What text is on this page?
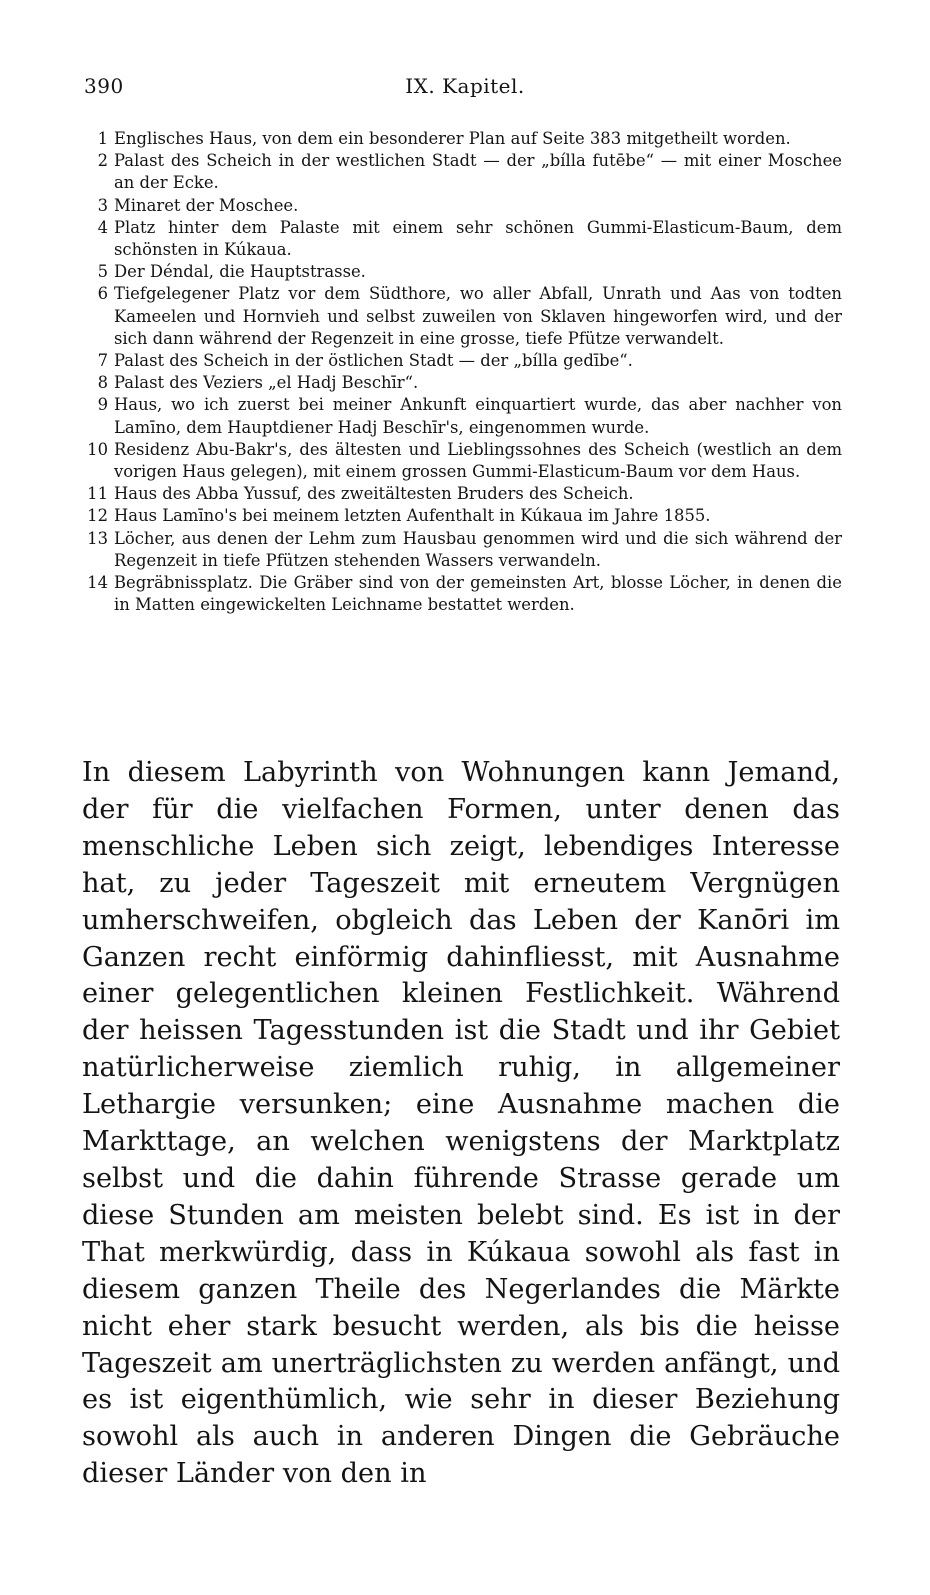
390	IX. Kapitel.
1 Englisches Haus, von dem ein besonderer Plan auf Seite 383 mitgetheilt worden.
2 Palast des Scheich in der westlichen Stadt — der „bílla futēbe“ — mit einer Moschee an der Ecke.
3 Minaret der Moschee.
4 Platz hinter dem Palaste mit einem sehr schönen Gummi-Elasticum-Baum, dem schönsten in Kúkaua.
5 Der Déndal, die Hauptstrasse.
6 Tiefgelegener Platz vor dem Südthore, wo aller Abfall, Unrath und Aas von todten Kameelen und Hornvieh und selbst zuweilen von Sklaven hingeworfen wird, und der sich dann während der Regenzeit in eine grosse, tiefe Pfütze verwandelt.
7 Palast des Scheich in der östlichen Stadt — der „bílla gedībe“.
8 Palast des Veziers „el Hadj Beschīr“.
9 Haus, wo ich zuerst bei meiner Ankunft einquartiert wurde, das aber nachher von Lamīno, dem Hauptdiener Hadj Beschīr's, eingenommen wurde.
10 Residenz Abu-Bakr's, des ältesten und Lieblingssohnes des Scheich (westlich an dem vorigen Haus gelegen), mit einem grossen Gummi-Elasticum-Baum vor dem Haus.
11 Haus des Abba Yussuf, des zweitältesten Bruders des Scheich.
12 Haus Lamīno's bei meinem letzten Aufenthalt in Kúkaua im Jahre 1855.
13 Löcher, aus denen der Lehm zum Hausbau genommen wird und die sich während der Regenzeit in tiefe Pfützen stehenden Wassers verwandeln.
14 Begräbnissplatz. Die Gräber sind von der gemeinsten Art, blosse Löcher, in denen die in Matten eingewickelten Leichname bestattet werden.

In diesem Labyrinth von Wohnungen kann Jemand, der für die vielfachen Formen, unter denen das menschliche Leben sich zeigt, lebendiges Interesse hat, zu jeder Tageszeit mit erneutem Vergnügen umherschweifen, obgleich das Leben der Kanōri im Ganzen recht einförmig dahinfliesst, mit Ausnahme einer gelegentlichen kleinen Festlichkeit. Während der heissen Tagesstunden ist die Stadt und ihr Gebiet natürlicherweise ziemlich ruhig, in allgemeiner Lethargie versunken; eine Ausnahme machen die Markttage, an welchen wenigstens der Marktplatz selbst und die dahin führende Strasse gerade um diese Stunden am meisten belebt sind. Es ist in der That merkwürdig, dass in Kúkaua sowohl als fast in diesem ganzen Theile des Negerlandes die Märkte nicht eher stark besucht werden, als bis die heisse Tageszeit am unerträglichsten zu werden anfängt, und es ist eigenthümlich, wie sehr in dieser Beziehung sowohl als auch in anderen Dingen die Gebräuche dieser Länder von den in
